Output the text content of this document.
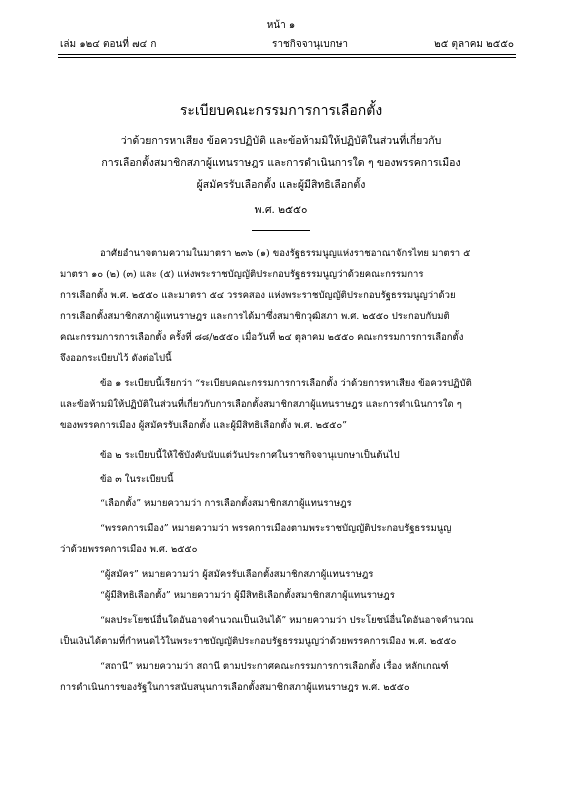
หน้า ๑
เล่ม ๑๒๔ ตอนที่ ๗๔ ก	ราชกิจจานุเบกษา	๒๕ ตุลาคม ๒๕๕๐
ระเบียบคณะกรรมการการเลือกตั้ง
ว่าด้วยการหาเสียง ข้อควรปฏิบัติ และข้อห้ามมิให้ปฏิบัติในส่วนที่เกี่ยวกับ
การเลือกตั้งสมาชิกสภาผู้แทนราษฎร และการดำเนินการใด ๆ ของพรรคการเมือง
ผู้สมัครรับเลือกตั้ง และผู้มีสิทธิเลือกตั้ง
พ.ศ. ๒๕๕๐

อาศัยอำนาจตามความในมาตรา ๒๓๖ (๑) ของรัฐธรรมนูญแห่งราชอาณาจักรไทย มาตรา ๕

มาตรา ๑๐ (๒) (๓) และ (๕) แห่งพระราชบัญญัติประกอบรัฐธรรมนูญว่าด้วยคณะกรรมการ

การเลือกตั้ง พ.ศ. ๒๕๕๐ และมาตรา ๕๔ วรรคสอง แห่งพระราชบัญญัติประกอบรัฐธรรมนูญว่าด้วย

การเลือกตั้งสมาชิกสภาผู้แทนราษฎร และการได้มาซึ่งสมาชิกวุฒิสภา พ.ศ. ๒๕๕๐ ประกอบกับมติ

คณะกรรมการการเลือกตั้ง ครั้งที่ ๘๘/๒๕๕๐ เมื่อวันที่ ๒๔ ตุลาคม ๒๕๕๐ คณะกรรมการการเลือกตั้ง

จึงออกระเบียบไว้ ดังต่อไปนี้

ข้อ ๑ ระเบียบนี้เรียกว่า “ระเบียบคณะกรรมการการเลือกตั้ง ว่าด้วยการหาเสียง ข้อควรปฏิบัติ

และข้อห้ามมิให้ปฏิบัติในส่วนที่เกี่ยวกับการเลือกตั้งสมาชิกสภาผู้แทนราษฎร และการดำเนินการใด ๆ

ของพรรคการเมือง ผู้สมัครรับเลือกตั้ง และผู้มีสิทธิเลือกตั้ง พ.ศ. ๒๕๕๐”

ข้อ ๒ ระเบียบนี้ให้ใช้บังคับนับแต่วันประกาศในราชกิจจานุเบกษาเป็นต้นไป

ข้อ ๓ ในระเบียบนี้

“เลือกตั้ง” หมายความว่า การเลือกตั้งสมาชิกสภาผู้แทนราษฎร

“พรรคการเมือง” หมายความว่า พรรคการเมืองตามพระราชบัญญัติประกอบรัฐธรรมนูญ

ว่าด้วยพรรคการเมือง พ.ศ. ๒๕๕๐

“ผู้สมัคร” หมายความว่า ผู้สมัครรับเลือกตั้งสมาชิกสภาผู้แทนราษฎร

“ผู้มีสิทธิเลือกตั้ง” หมายความว่า ผู้มีสิทธิเลือกตั้งสมาชิกสภาผู้แทนราษฎร

“ผลประโยชน์อื่นใดอันอาจคำนวณเป็นเงินได้” หมายความว่า ประโยชน์อื่นใดอันอาจคำนวณ

เป็นเงินได้ตามที่กำหนดไว้ในพระราชบัญญัติประกอบรัฐธรรมนูญว่าด้วยพรรคการเมือง พ.ศ. ๒๕๕๐

“สถานี” หมายความว่า สถานี ตามประกาศคณะกรรมการการเลือกตั้ง เรื่อง หลักเกณฑ์

การดำเนินการของรัฐในการสนับสนุนการเลือกตั้งสมาชิกสภาผู้แทนราษฎร พ.ศ. ๒๕๕๐
